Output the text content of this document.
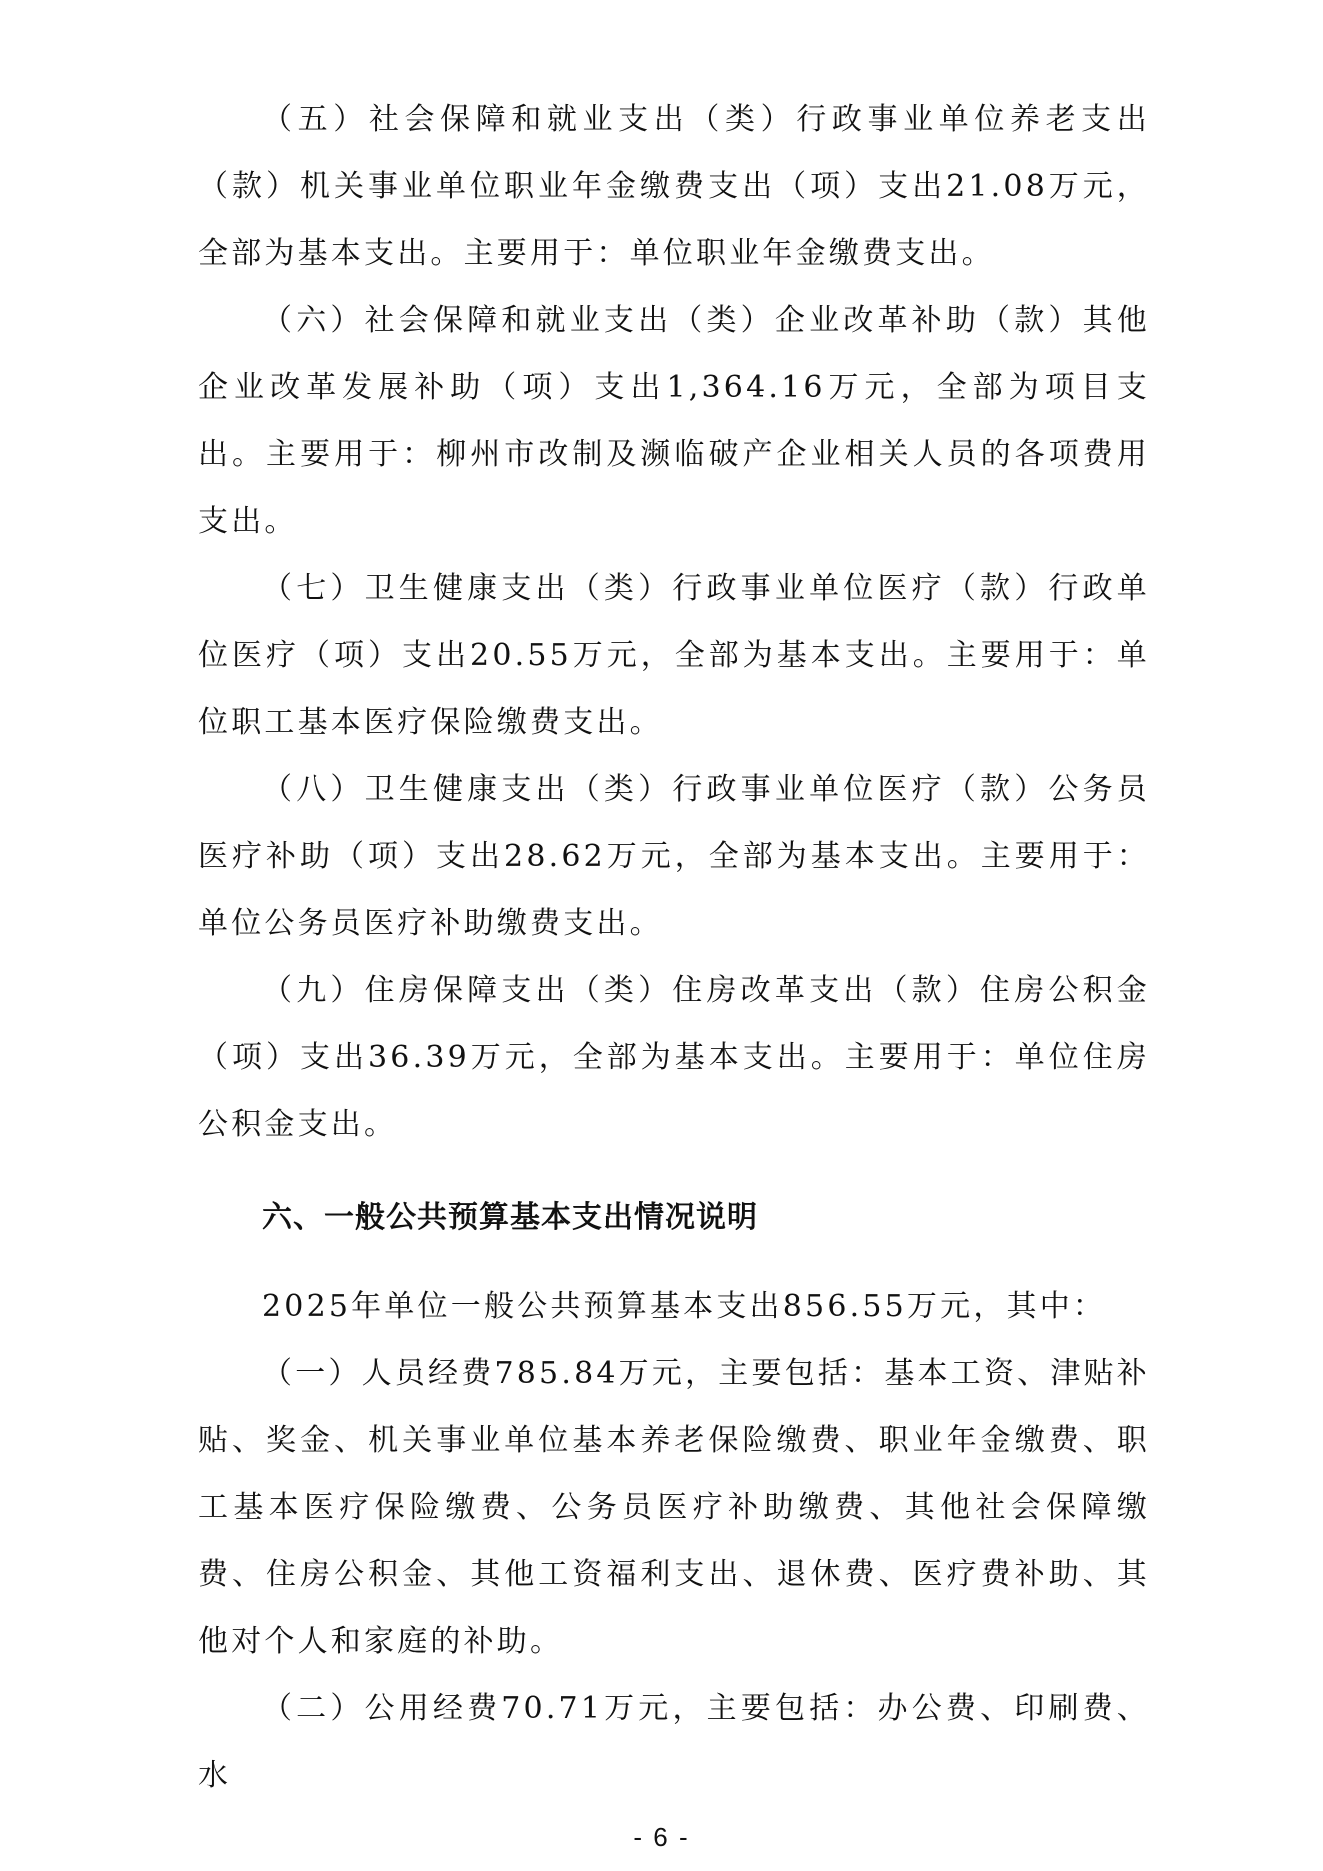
（五）社会保障和就业支出（类）行政事业单位养老支出（款）机关事业单位职业年金缴费支出（项）支出21.08万元，全部为基本支出。主要用于：单位职业年金缴费支出。

（六）社会保障和就业支出（类）企业改革补助（款）其他企业改革发展补助（项）支出1,364.16万元，全部为项目支出。主要用于：柳州市改制及濒临破产企业相关人员的各项费用支出。

（七）卫生健康支出（类）行政事业单位医疗（款）行政单位医疗（项）支出20.55万元，全部为基本支出。主要用于：单位职工基本医疗保险缴费支出。

（八）卫生健康支出（类）行政事业单位医疗（款）公务员医疗补助（项）支出28.62万元，全部为基本支出。主要用于：单位公务员医疗补助缴费支出。

（九）住房保障支出（类）住房改革支出（款）住房公积金（项）支出36.39万元，全部为基本支出。主要用于：单位住房公积金支出。

六、一般公共预算基本支出情况说明

2025年单位一般公共预算基本支出856.55万元，其中：

（一）人员经费785.84万元，主要包括：基本工资、津贴补贴、奖金、机关事业单位基本养老保险缴费、职业年金缴费、职工基本医疗保险缴费、公务员医疗补助缴费、其他社会保障缴费、住房公积金、其他工资福利支出、退休费、医疗费补助、其他对个人和家庭的补助。

（二）公用经费70.71万元，主要包括：办公费、印刷费、水

- 6 -
